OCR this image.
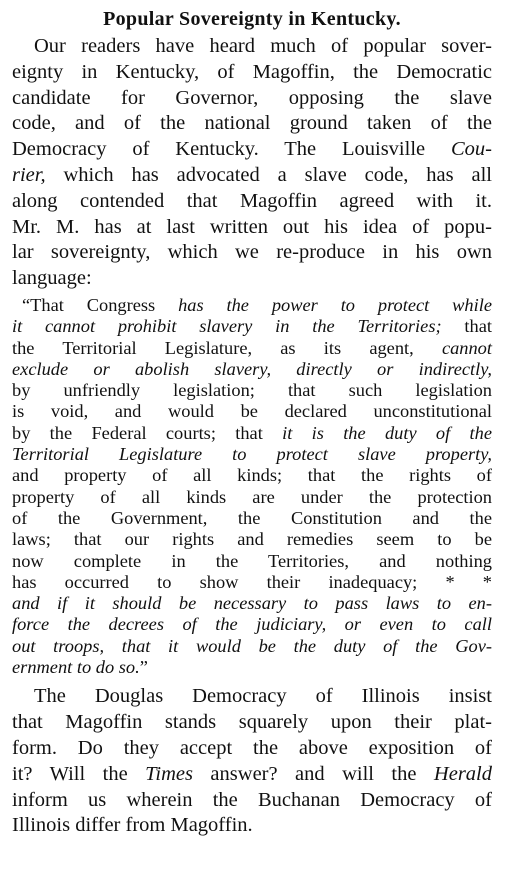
Popular Sovereignty in Kentucky.
Our readers have heard much of popular sover-
eignty in Kentucky, of Magoffin, the Democratic
candidate for Governor, opposing the slave
code, and of the national ground taken of the
Democracy of Kentucky. The Louisville Cou-
rier, which has advocated a slave code, has all
along contended that Magoffin agreed with it.
Mr. M. has at last written out his idea of popu-
lar sovereignty, which we re-produce in his own
language:
“That Congress has the power to protect while
it cannot prohibit slavery in the Territories; that
the Territorial Legislature, as its agent, cannot
exclude or abolish slavery, directly or indirectly,
by unfriendly legislation; that such legislation
is void, and would be declared unconstitutional
by the Federal courts; that it is the duty of the
Territorial Legislature to protect slave property,
and property of all kinds; that the rights of
property of all kinds are under the protection
of the Government, the Constitution and the
laws; that our rights and remedies seem to be
now complete in the Territories, and nothing
has occurred to show their inadequacy; * *
and if it should be necessary to pass laws to en-
force the decrees of the judiciary, or even to call
out troops, that it would be the duty of the Gov-
ernment to do so.”
The Douglas Democracy of Illinois insist
that Magoffin stands squarely upon their plat-
form. Do they accept the above exposition of
it? Will the Times answer? and will the Herald
inform us wherein the Buchanan Democracy of
Illinois differ from Magoffin.
